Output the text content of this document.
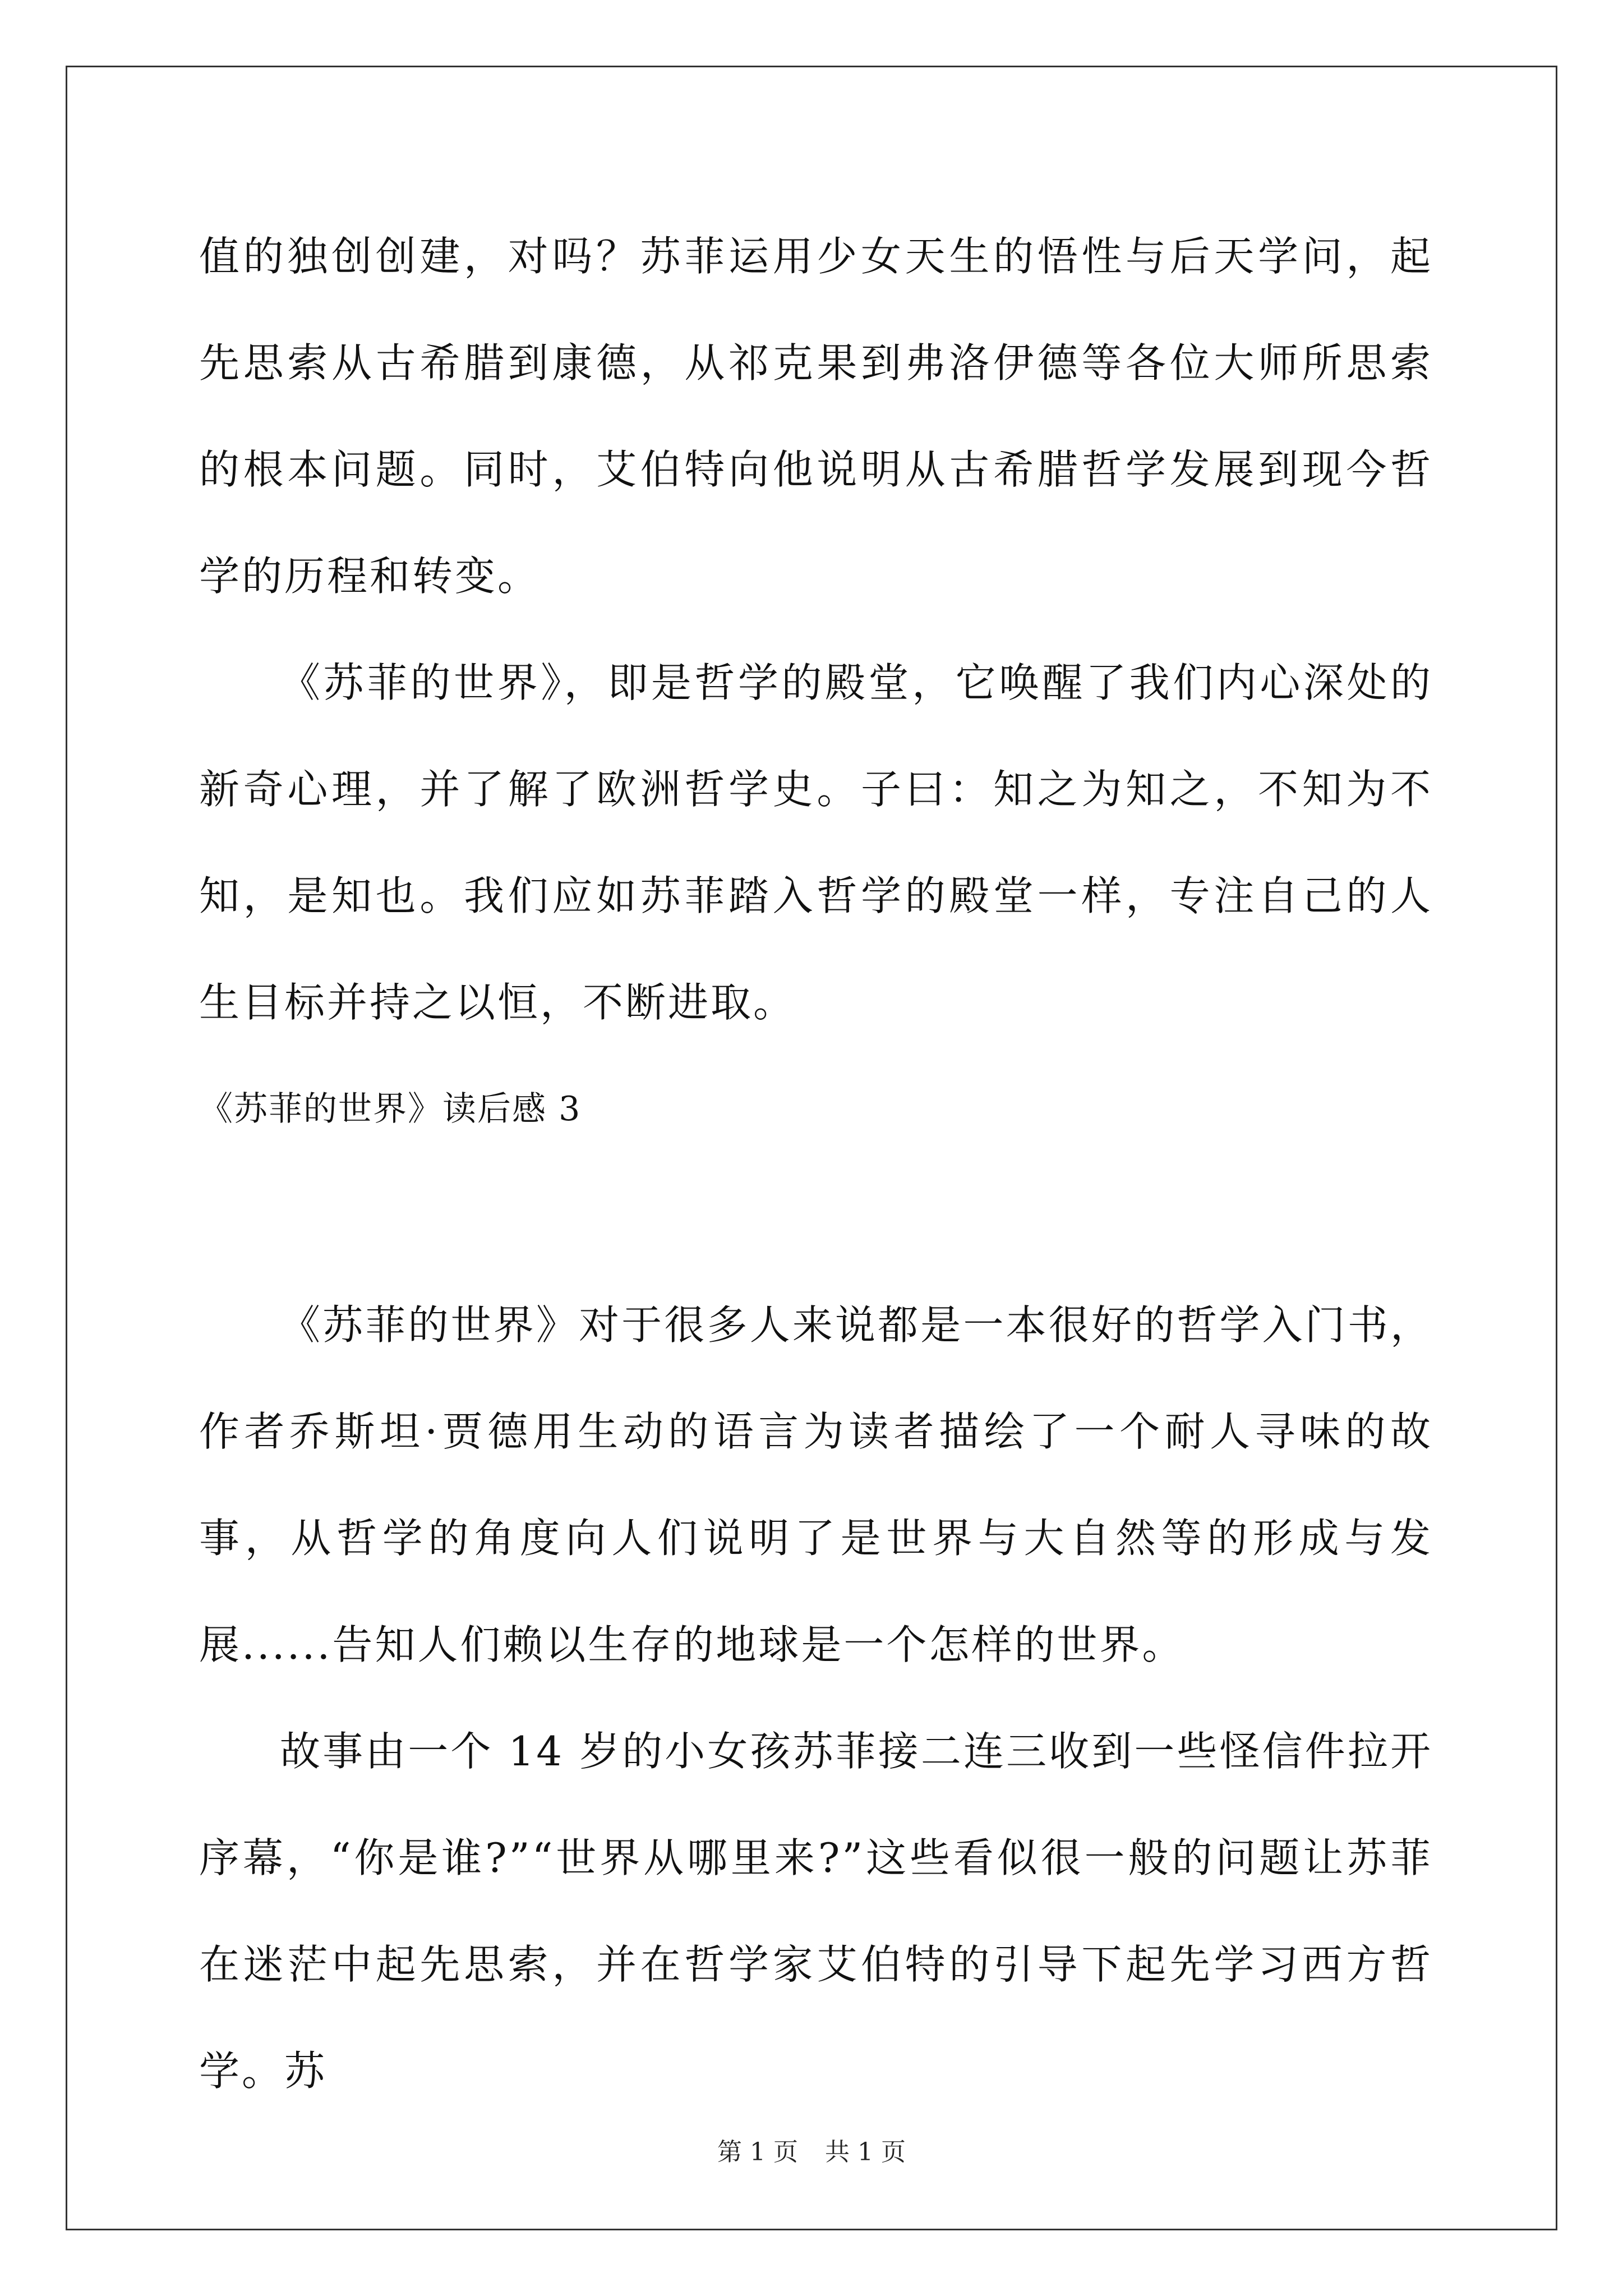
值的独创创建，对吗？苏菲运用少女天生的悟性与后天学问，起先思索从古希腊到康德，从祁克果到弗洛伊德等各位大师所思索的根本问题。同时，艾伯特向他说明从古希腊哲学发展到现今哲学的历程和转变。

《苏菲的世界》，即是哲学的殿堂，它唤醒了我们内心深处的新奇心理，并了解了欧洲哲学史。子曰：知之为知之，不知为不知，是知也。我们应如苏菲踏入哲学的殿堂一样，专注自己的人生目标并持之以恒，不断进取。

《苏菲的世界》读后感 3

《苏菲的世界》对于很多人来说都是一本很好的哲学入门书，作者乔斯坦·贾德用生动的语言为读者描绘了一个耐人寻味的故事，从哲学的角度向人们说明了是世界与大自然等的形成与发展......告知人们赖以生存的地球是一个怎样的世界。

故事由一个 14 岁的小女孩苏菲接二连三收到一些怪信件拉开序幕，“你是谁?”“世界从哪里来?”这些看似很一般的问题让苏菲在迷茫中起先思索，并在哲学家艾伯特的引导下起先学习西方哲学。苏

第 1 页 共 1 页
